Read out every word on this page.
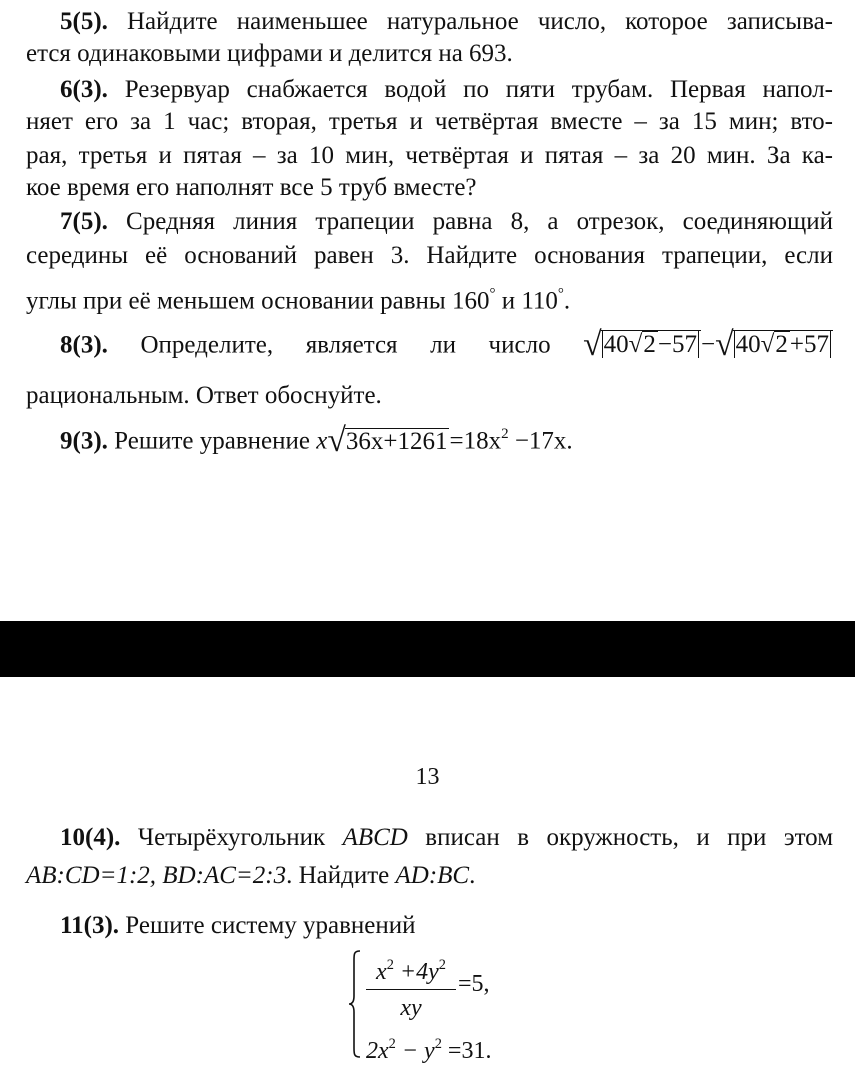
5(5). Найдите наименьшее натуральное число, которое записыва-
ется одинаковыми цифрами и делится на 693.
6(3). Резервуар снабжается водой по пяти трубам. Первая напол-
няет его за 1 час; вторая, третья и четвёртая вместе – за 15 мин; вто-
рая, третья и пятая – за 10 мин, четвёртая и пятая – за 20 мин. За ка-
кое время его наполнят все 5 труб вместе?
7(5). Средняя линия трапеции равна 8, а отрезок, соединяющий
середины её оснований равен 3. Найдите основания трапеции, если
углы при её меньшем основании равны 160° и 110°.
8(3). Определите, является ли число √40√2−57 −√40√2+57
рациональным. Ответ обоснуйте.
9(3). Решите уравнение $x√36x+1261=18x^2 -17x$.
13
10(4). Четырёхугольник ABCD вписан в окружность, и при этом
AB:CD=1:2, BD:AC=2:3. Найдите AD:BC.
11(3). Решите систему уравнений
$x^2 +4y^2$
xy
=5,
$2x^2 - y^2 =31$.
